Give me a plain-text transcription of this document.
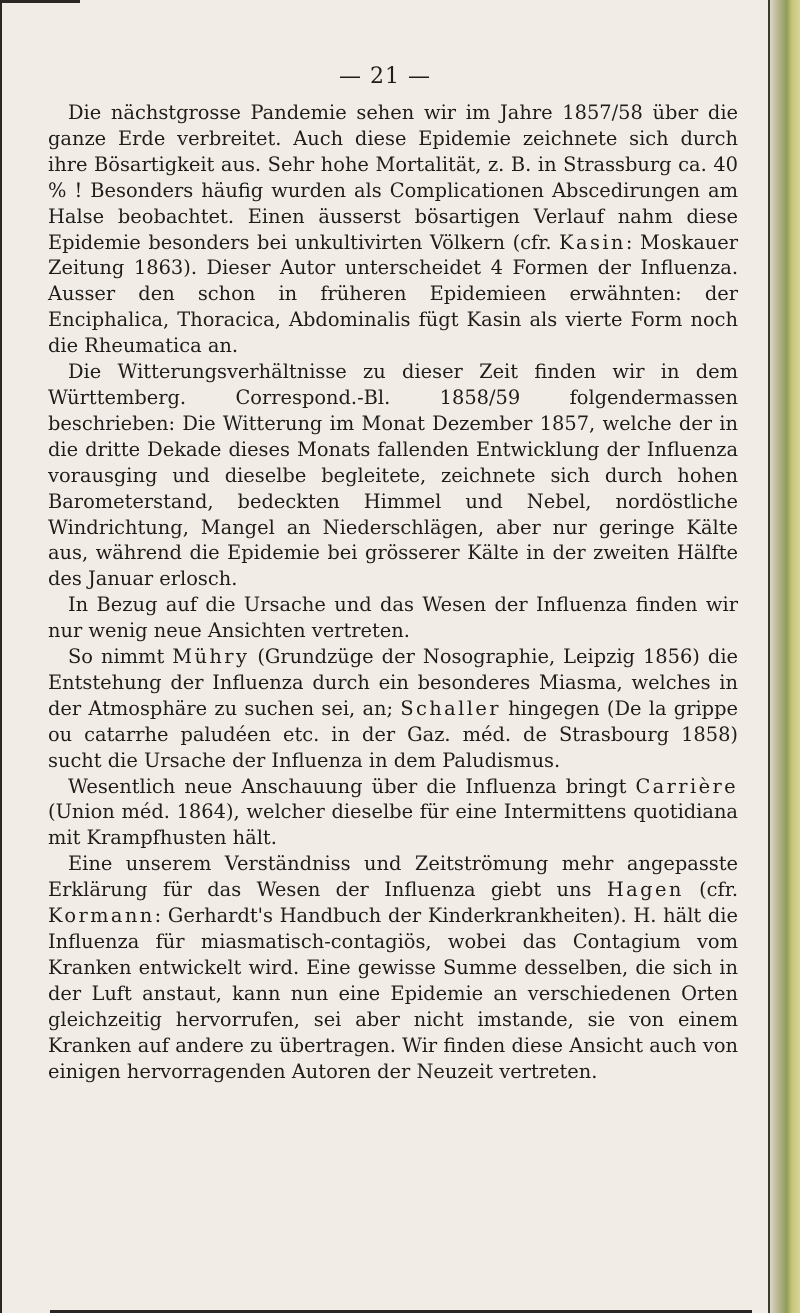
— 21 —

Die nächstgrosse Pandemie sehen wir im Jahre 1857/58 über die ganze Erde verbreitet. Auch diese Epidemie zeichnete sich durch ihre Bösartigkeit aus. Sehr hohe Mortalität, z. B. in Strassburg ca. 40 % ! Besonders häufig wurden als Complicationen Abscedirungen am Halse beobachtet. Einen äusserst bösartigen Verlauf nahm diese Epidemie besonders bei unkultivirten Völkern (cfr. Kasin: Moskauer Zeitung 1863). Dieser Autor unterscheidet 4 Formen der Influenza. Ausser den schon in früheren Epidemieen erwähnten: der Enciphalica, Thoracica, Abdominalis fügt Kasin als vierte Form noch die Rheumatica an.

Die Witterungsverhältnisse zu dieser Zeit finden wir in dem Württemberg. Correspond.-Bl. 1858/59 folgendermassen beschrieben: Die Witterung im Monat Dezember 1857, welche der in die dritte Dekade dieses Monats fallenden Entwicklung der Influenza vorausging und dieselbe begleitete, zeichnete sich durch hohen Barometerstand, bedeckten Himmel und Nebel, nordöstliche Windrichtung, Mangel an Niederschlägen, aber nur geringe Kälte aus, während die Epidemie bei grösserer Kälte in der zweiten Hälfte des Januar erlosch.

In Bezug auf die Ursache und das Wesen der Influenza finden wir nur wenig neue Ansichten vertreten.

So nimmt Mühry (Grundzüge der Nosographie, Leipzig 1856) die Entstehung der Influenza durch ein besonderes Miasma, welches in der Atmosphäre zu suchen sei, an; Schaller hingegen (De la grippe ou catarrhe paludéen etc. in der Gaz. méd. de Strasbourg 1858) sucht die Ursache der Influenza in dem Paludismus.

Wesentlich neue Anschauung über die Influenza bringt Carrière (Union méd. 1864), welcher dieselbe für eine Intermittens quotidiana mit Krampfhusten hält.

Eine unserem Verständniss und Zeitströmung mehr angepasste Erklärung für das Wesen der Influenza giebt uns Hagen (cfr. Kormann: Gerhardt's Handbuch der Kinderkrankheiten). H. hält die Influenza für miasmatisch-contagiös, wobei das Contagium vom Kranken entwickelt wird. Eine gewisse Summe desselben, die sich in der Luft anstaut, kann nun eine Epidemie an verschiedenen Orten gleichzeitig hervorrufen, sei aber nicht imstande, sie von einem Kranken auf andere zu übertragen. Wir finden diese Ansicht auch von einigen hervorragenden Autoren der Neuzeit vertreten.
